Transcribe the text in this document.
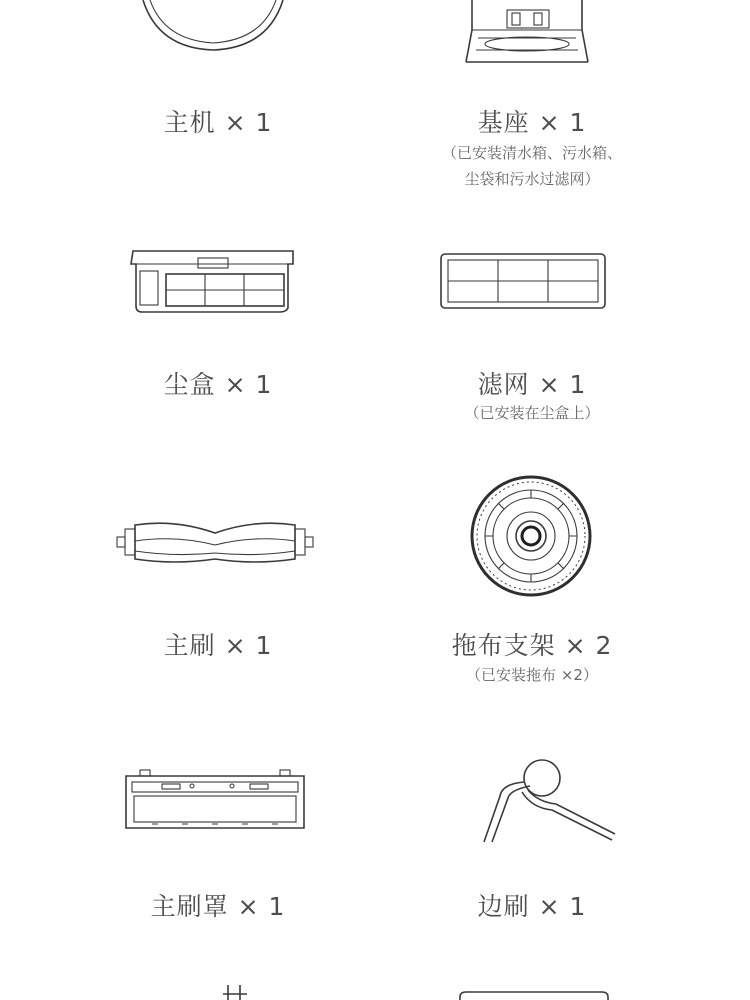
主机 × 1	基座 × 1
（已安装清水箱、污水箱、
尘袋和污水过滤网）
尘盒 × 1	滤网 × 1
（已安装在尘盒上）
主刷 × 1	拖布支架 × 2
（已安装拖布 ×2）
主刷罩 × 1	边刷 × 1
